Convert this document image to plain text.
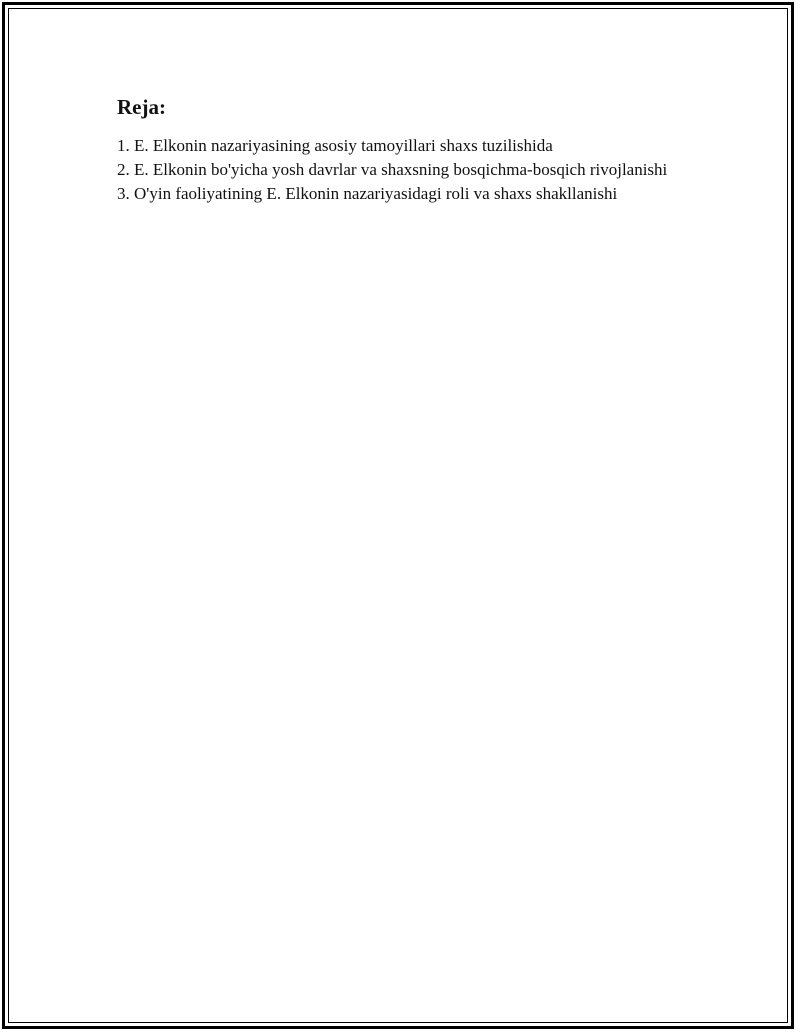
Reja:
1. E. Elkonin nazariyasining asosiy tamoyillari shaxs tuzilishida
2. E. Elkonin bo'yicha yosh davrlar va shaxsning bosqichma-bosqich rivojlanishi
3. O'yin faoliyatining E. Elkonin nazariyasidagi roli va shaxs shakllanishi
